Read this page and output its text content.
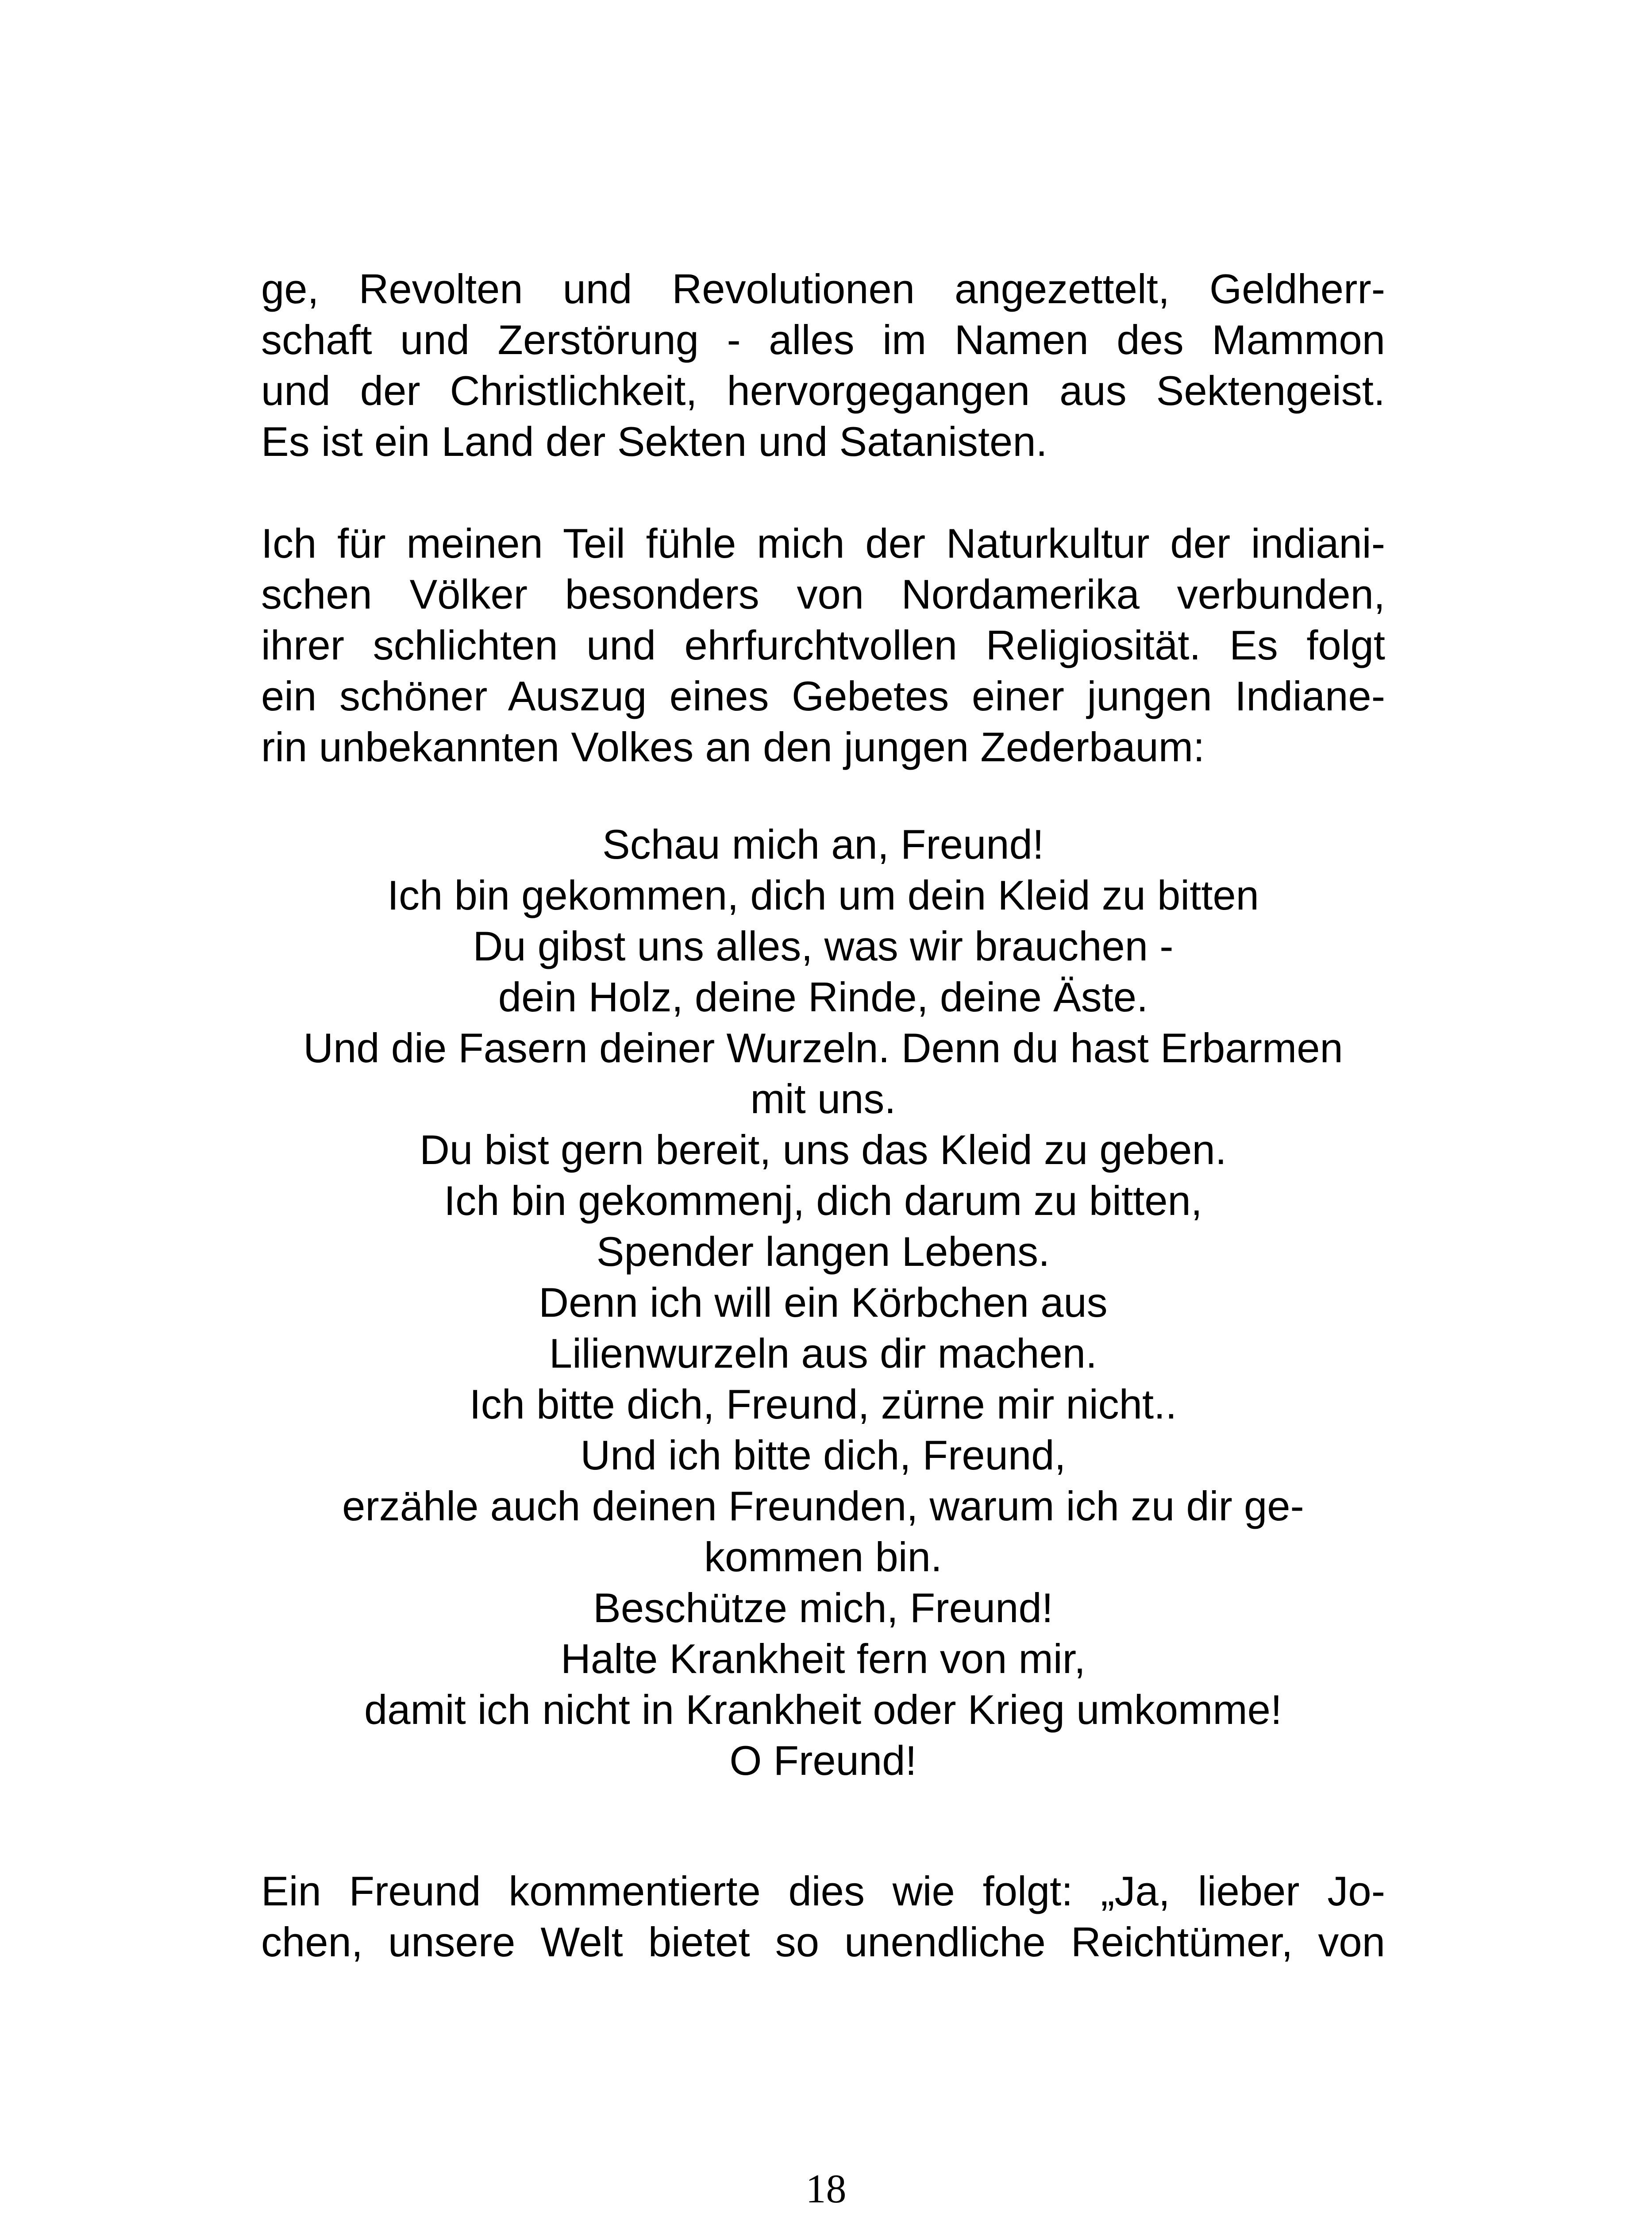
ge, Revolten und Revolutionen angezettelt, Geldherr-
schaft und Zerstörung - alles im Namen des Mammon
und der Christlichkeit, hervorgegangen aus Sektengeist.
Es ist ein Land der Sekten und Satanisten.
Ich für meinen Teil fühle mich der Naturkultur der indiani-
schen Völker besonders von Nordamerika verbunden,
ihrer schlichten und ehrfurchtvollen Religiosität. Es folgt
ein schöner Auszug eines Gebetes einer jungen Indiane-
rin unbekannten Volkes an den jungen Zederbaum:
Schau mich an, Freund!
Ich bin gekommen, dich um dein Kleid zu bitten
Du gibst uns alles, was wir brauchen -
dein Holz, deine Rinde, deine Äste.
Und die Fasern deiner Wurzeln. Denn du hast Erbarmen
mit uns.
Du bist gern bereit, uns das Kleid zu geben.
Ich bin gekommenj, dich darum zu bitten,
Spender langen Lebens.
Denn ich will ein Körbchen aus
Lilienwurzeln aus dir machen.
Ich bitte dich, Freund, zürne mir nicht..
Und ich bitte dich, Freund,
erzähle auch deinen Freunden, warum ich zu dir ge-
kommen bin.
Beschütze mich, Freund!
Halte Krankheit fern von mir,
damit ich nicht in Krankheit oder Krieg umkomme!
O Freund!
Ein Freund kommentierte dies wie folgt: „Ja, lieber Jo-
chen, unsere Welt bietet so unendliche Reichtümer, von
18
